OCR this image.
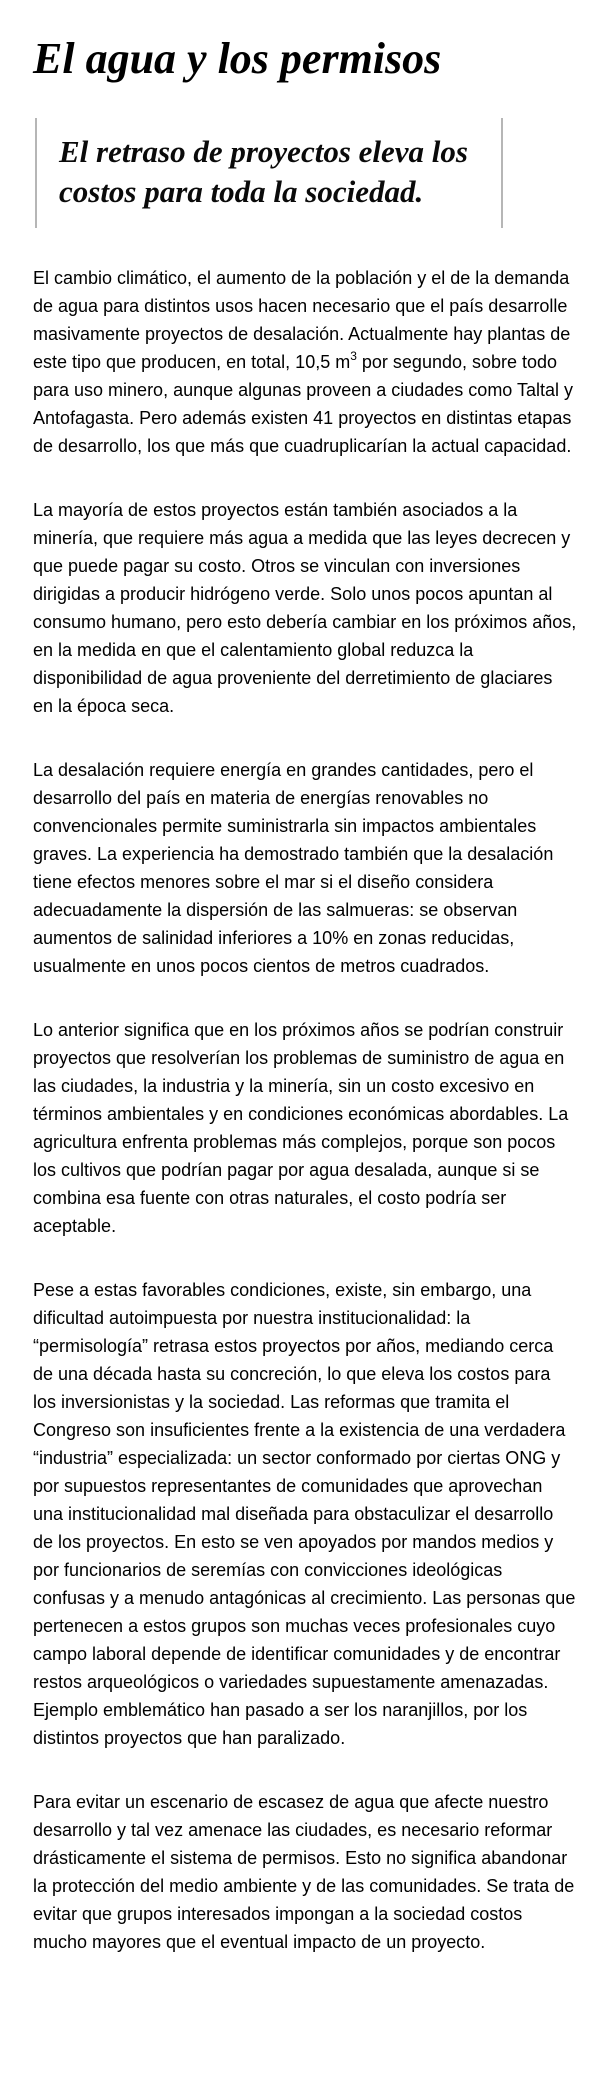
El agua y los permisos

El retraso de proyectos eleva los costos para toda la sociedad.

El cambio climático, el aumento de la población y el de la demanda de agua para distintos usos hacen necesario que el país desarrolle masivamente proyectos de desalación. Actualmente hay plantas de este tipo que producen, en total, 10,5 $m^3$ por segundo, sobre todo para uso minero, aunque algunas proveen a ciudades como Taltal y Antofagasta. Pero además existen 41 proyectos en distintas etapas de desarrollo, los que más que cuadruplicarían la actual capacidad.

La mayoría de estos proyectos están también asociados a la minería, que requiere más agua a medida que las leyes decrecen y que puede pagar su costo. Otros se vinculan con inversiones dirigidas a producir hidrógeno verde. Solo unos pocos apuntan al consumo humano, pero esto debería cambiar en los próximos años, en la medida en que el calentamiento global reduzca la disponibilidad de agua proveniente del derretimiento de glaciares en la época seca.

La desalación requiere energía en grandes cantidades, pero el desarrollo del país en materia de energías renovables no convencionales permite suministrarla sin impactos ambientales graves. La experiencia ha demostrado también que la desalación tiene efectos menores sobre el mar si el diseño considera adecuadamente la dispersión de las salmueras: se observan aumentos de salinidad inferiores a 10% en zonas reducidas, usualmente en unos pocos cientos de metros cuadrados.

Lo anterior significa que en los próximos años se podrían construir proyectos que resolverían los problemas de suministro de agua en las ciudades, la industria y la minería, sin un costo excesivo en términos ambientales y en condiciones económicas abordables. La agricultura enfrenta problemas más complejos, porque son pocos los cultivos que podrían pagar por agua desalada, aunque si se combina esa fuente con otras naturales, el costo podría ser aceptable.

Pese a estas favorables condiciones, existe, sin embargo, una dificultad autoimpuesta por nuestra institucionalidad: la “permisología” retrasa estos proyectos por años, mediando cerca de una década hasta su concreción, lo que eleva los costos para los inversionistas y la sociedad. Las reformas que tramita el Congreso son insuficientes frente a la existencia de una verdadera “industria” especializada: un sector conformado por ciertas ONG y por supuestos representantes de comunidades que aprovechan una institucionalidad mal diseñada para obstaculizar el desarrollo de los proyectos. En esto se ven apoyados por mandos medios y por funcionarios de seremías con convicciones ideológicas confusas y a menudo antagónicas al crecimiento. Las personas que pertenecen a estos grupos son muchas veces profesionales cuyo campo laboral depende de identificar comunidades y de encontrar restos arqueológicos o variedades supuestamente amenazadas. Ejemplo emblemático han pasado a ser los naranjillos, por los distintos proyectos que han paralizado.

Para evitar un escenario de escasez de agua que afecte nuestro desarrollo y tal vez amenace las ciudades, es necesario reformar drásticamente el sistema de permisos. Esto no significa abandonar la protección del medio ambiente y de las comunidades. Se trata de evitar que grupos interesados impongan a la sociedad costos mucho mayores que el eventual impacto de un proyecto.
